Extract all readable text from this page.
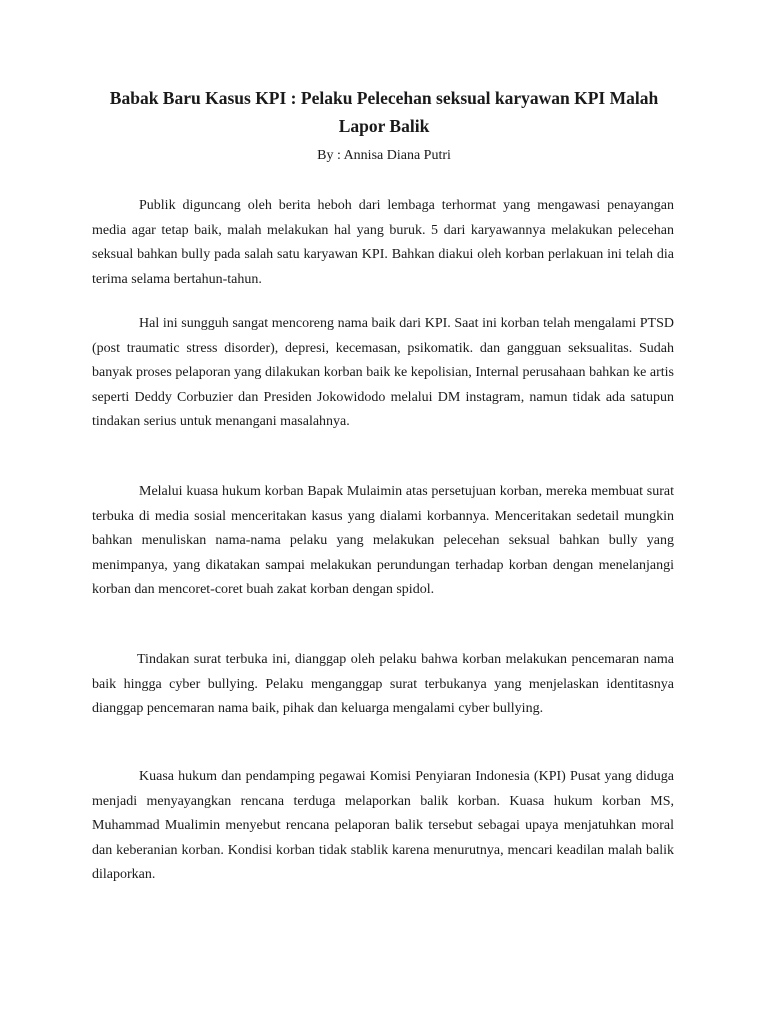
Babak Baru Kasus KPI : Pelaku Pelecehan seksual karyawan KPI Malah Lapor Balik

By : Annisa Diana Putri

Publik diguncang oleh berita heboh dari lembaga terhormat yang mengawasi penayangan media agar tetap baik, malah melakukan hal yang buruk. 5 dari karyawannya melakukan pelecehan seksual bahkan bully pada salah satu karyawan KPI. Bahkan diakui oleh korban perlakuan ini telah dia terima selama bertahun-tahun.

Hal ini sungguh sangat mencoreng nama baik dari KPI. Saat ini korban telah mengalami PTSD (post traumatic stress disorder), depresi, kecemasan, psikomatik. dan gangguan seksualitas. Sudah banyak proses pelaporan yang dilakukan korban baik ke kepolisian, Internal perusahaan bahkan ke artis seperti Deddy Corbuzier dan Presiden Jokowidodo melalui DM instagram, namun tidak ada satupun tindakan serius untuk menangani masalahnya.

Melalui kuasa hukum korban Bapak Mulaimin atas persetujuan korban, mereka membuat surat terbuka di media sosial menceritakan kasus yang dialami korbannya. Menceritakan sedetail mungkin bahkan menuliskan nama-nama pelaku yang melakukan pelecehan seksual bahkan bully yang menimpanya, yang dikatakan sampai melakukan perundungan terhadap korban dengan menelanjangi korban dan mencoret-coret buah zakat korban dengan spidol.

Tindakan surat terbuka ini, dianggap oleh pelaku bahwa korban melakukan pencemaran nama baik hingga cyber bullying. Pelaku menganggap surat terbukanya yang menjelaskan identitasnya dianggap pencemaran nama baik, pihak dan keluarga mengalami cyber bullying.

Kuasa hukum dan pendamping pegawai Komisi Penyiaran Indonesia (KPI) Pusat yang diduga menjadi menyayangkan rencana terduga melaporkan balik korban. Kuasa hukum korban MS, Muhammad Mualimin menyebut rencana pelaporan balik tersebut sebagai upaya menjatuhkan moral dan keberanian korban. Kondisi korban tidak stablik karena menurutnya, mencari keadilan malah balik dilaporkan.
